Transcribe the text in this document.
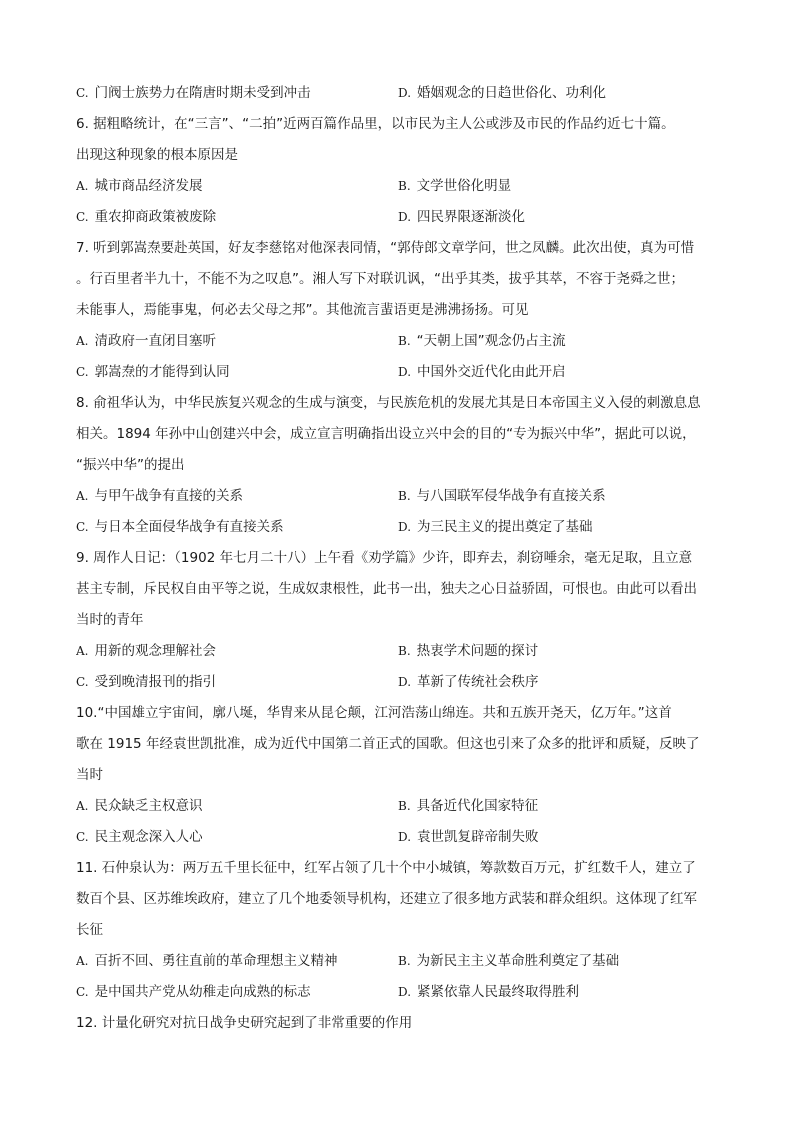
C. 门阀士族势力在隋唐时期未受到冲击	D. 婚姻观念的日趋世俗化、功利化
6. 据粗略统计，在“三言”、“二拍”近两百篇作品里，以市民为主人公或涉及市民的作品约近七十篇。
出现这种现象的根本原因是
A. 城市商品经济发展	B. 文学世俗化明显
C. 重农抑商政策被废除	D. 四民界限逐渐淡化
7. 听到郭嵩焘要赴英国，好友李慈铭对他深表同情，“郭侍郎文章学问，世之凤麟。此次出使，真为可惜
。行百里者半九十，不能不为之叹息”。湘人写下对联讥讽，“出乎其类，拔乎其萃，不容于尧舜之世；
未能事人，焉能事鬼，何必去父母之邦”。其他流言蜚语更是沸沸扬扬。可见
A. 清政府一直闭目塞听	B. “天朝上国”观念仍占主流
C. 郭嵩焘的才能得到认同	D. 中国外交近代化由此开启
8. 俞祖华认为，中华民族复兴观念的生成与演变，与民族危机的发展尤其是日本帝国主义入侵的刺激息息
相关。1894 年孙中山创建兴中会，成立宣言明确指出设立兴中会的目的“专为振兴中华”，据此可以说，
“振兴中华”的提出
A. 与甲午战争有直接的关系	B. 与八国联军侵华战争有直接关系
C. 与日本全面侵华战争有直接关系	D. 为三民主义的提出奠定了基础
9. 周作人日记：（1902 年七月二十八）上午看《劝学篇》少许，即弃去，刹窃唾余，毫无足取，且立意
甚主专制，斥民权自由平等之说，生成奴隶根性，此书一出，独夫之心日益骄固，可恨也。由此可以看出
当时的青年
A. 用新的观念理解社会	B. 热衷学术问题的探讨
C. 受到晚清报刊的指引	D. 革新了传统社会秩序
10.“中国雄立宇宙间，廓八埏，华胄来从昆仑颠，江河浩荡山绵连。共和五族开尧天，亿万年。”这首
歌在 1915 年经袁世凯批准，成为近代中国第二首正式的国歌。但这也引来了众多的批评和质疑，反映了
当时
A. 民众缺乏主权意识	B. 具备近代化国家特征
C. 民主观念深入人心	D. 袁世凯复辟帝制失败
11. 石仲泉认为：两万五千里长征中，红军占领了几十个中小城镇，筹款数百万元，扩红数千人，建立了
数百个县、区苏维埃政府，建立了几个地委领导机构，还建立了很多地方武装和群众组织。这体现了红军
长征
A. 百折不回、勇往直前的革命理想主义精神	B. 为新民主主义革命胜利奠定了基础
C. 是中国共产党从幼稚走向成熟的标志	D. 紧紧依靠人民最终取得胜利
12. 计量化研究对抗日战争史研究起到了非常重要的作用
